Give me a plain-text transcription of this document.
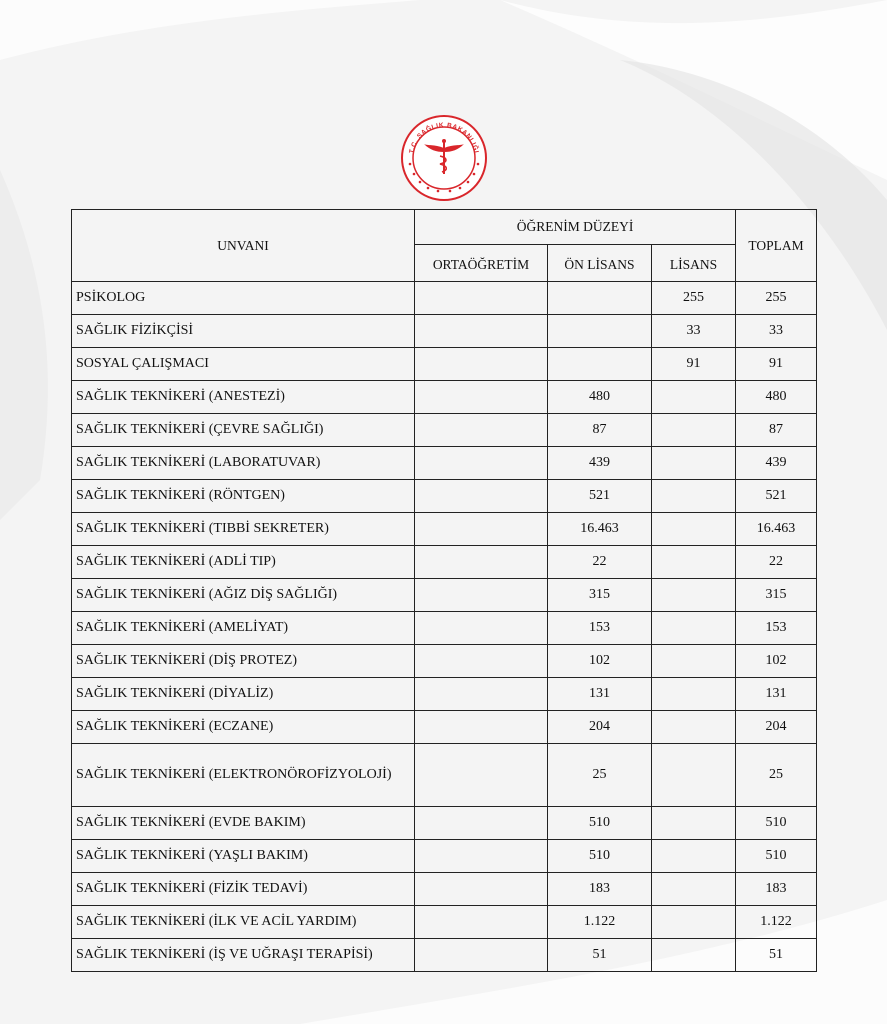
T.C. SAĞLIK BAKANLIĞI
UNVANI	ÖĞRENİM DÜZEYİ			TOPLAM
	ORTAÖĞRETİM	ÖN LİSANS	LİSANS	
PSİKOLOG			255	255
SAĞLIK FİZİKÇİSİ			33	33
SOSYAL ÇALIŞMACI			91	91
SAĞLIK TEKNİKERİ (ANESTEZİ)		480		480
SAĞLIK TEKNİKERİ (ÇEVRE SAĞLIĞI)		87		87
SAĞLIK TEKNİKERİ (LABORATUVAR)		439		439
SAĞLIK TEKNİKERİ (RÖNTGEN)		521		521
SAĞLIK TEKNİKERİ (TIBBİ SEKRETER)		16.463		16.463
SAĞLIK TEKNİKERİ (ADLİ TIP)		22		22
SAĞLIK TEKNİKERİ (AĞIZ DİŞ SAĞLIĞI)		315		315
SAĞLIK TEKNİKERİ (AMELİYAT)		153		153
SAĞLIK TEKNİKERİ (DİŞ PROTEZ)		102		102
SAĞLIK TEKNİKERİ (DİYALİZ)		131		131
SAĞLIK TEKNİKERİ (ECZANE)		204		204
SAĞLIK TEKNİKERİ (ELEKTRONÖROFİZYOLOJİ)		25		25
SAĞLIK TEKNİKERİ (EVDE BAKIM)		510		510
SAĞLIK TEKNİKERİ (YAŞLI BAKIM)		510		510
SAĞLIK TEKNİKERİ (FİZİK TEDAVİ)		183		183
SAĞLIK TEKNİKERİ (İLK VE ACİL YARDIM)		1.122		1.122
SAĞLIK TEKNİKERİ (İŞ VE UĞRAŞI TERAPİSİ)		51		51
